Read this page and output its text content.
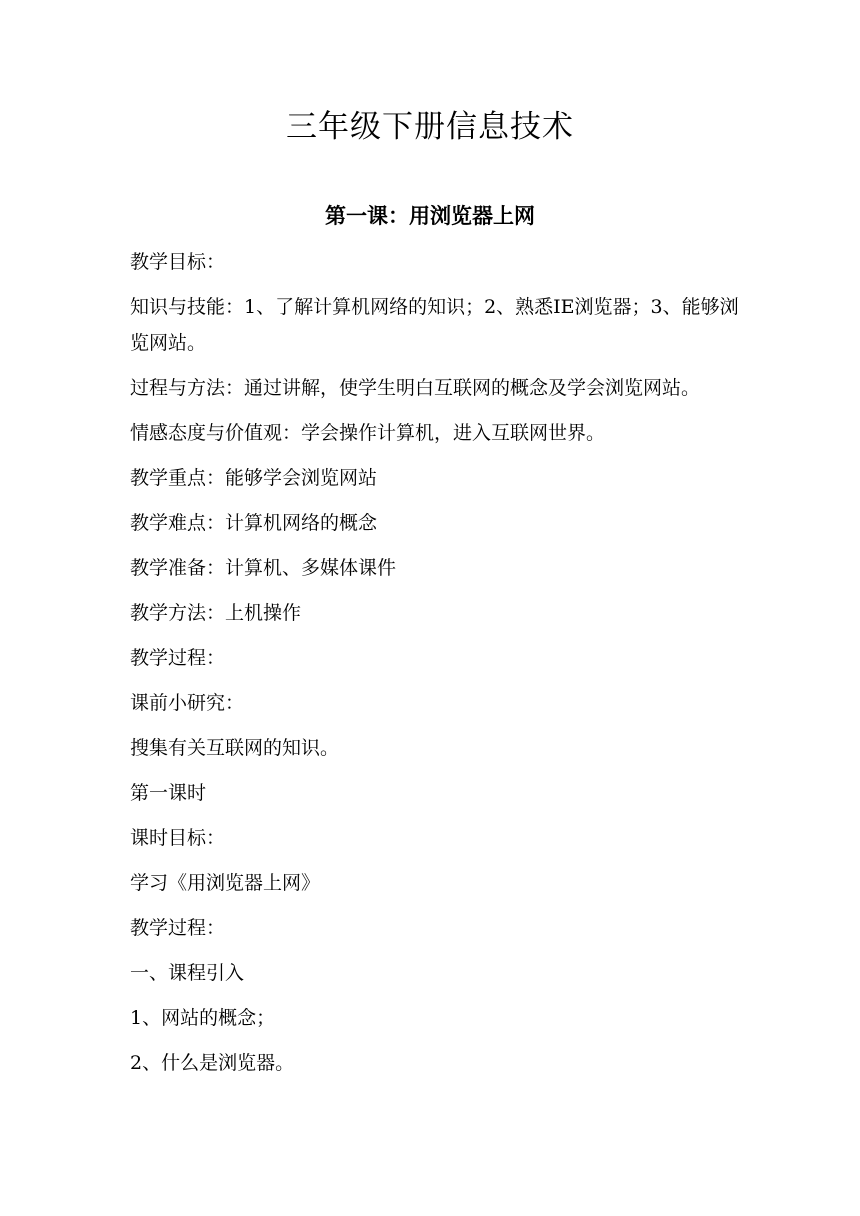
三年级下册信息技术
第一课：用浏览器上网

教学目标：

知识与技能：1、了解计算机网络的知识；2、熟悉IE浏览器；3、能够浏览网站。

过程与方法：通过讲解，使学生明白互联网的概念及学会浏览网站。

情感态度与价值观：学会操作计算机，进入互联网世界。

教学重点：能够学会浏览网站

教学难点：计算机网络的概念

教学准备：计算机、多媒体课件

教学方法：上机操作

教学过程：

课前小研究：

搜集有关互联网的知识。

第一课时

课时目标：

学习《用浏览器上网》

教学过程：

一、课程引入

1、网站的概念；

2、什么是浏览器。
